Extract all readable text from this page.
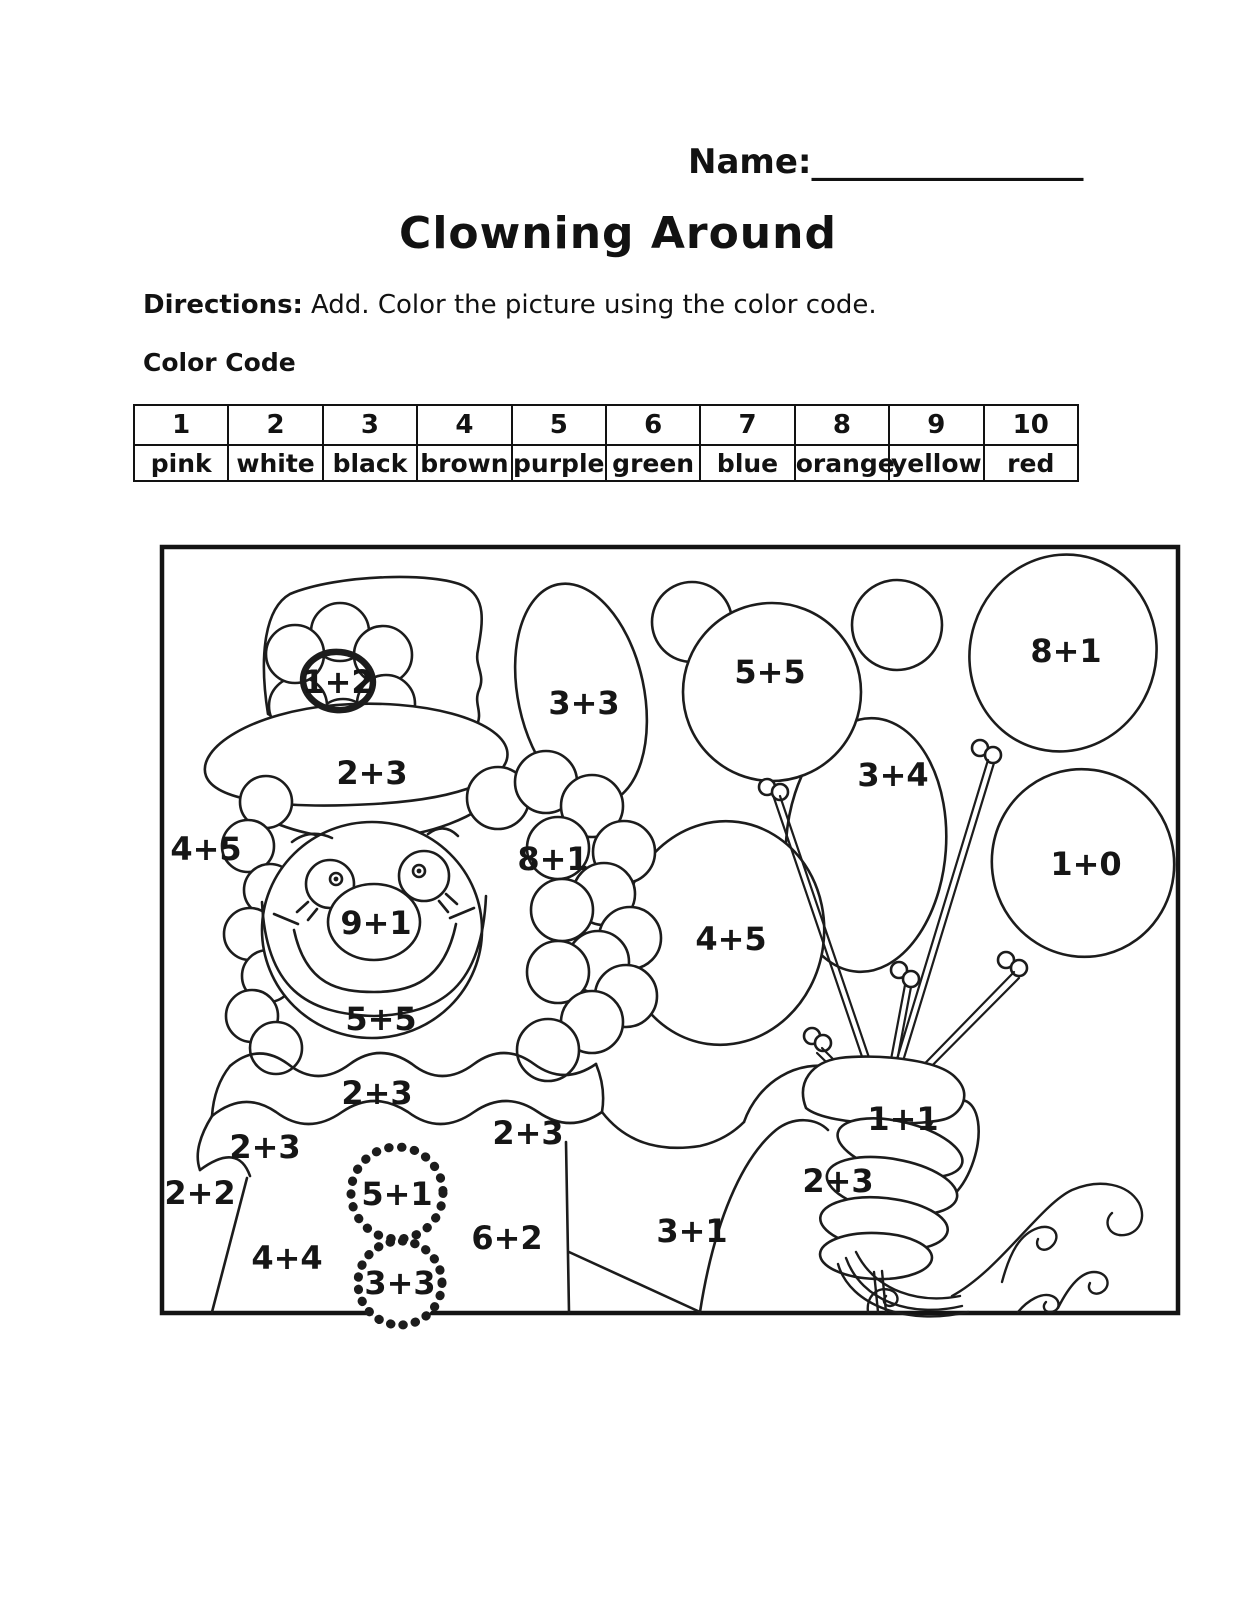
Name:________________
Clowning Around
Directions: Add. Color the picture using the color code.
Color Code
1	2	3	4	5	6	7	8	9	10
pink	white	black	brown	purple	green	blue	orange	yellow	red
1+2
2+3
3+3
5+5
8+1
3+4
4+5	8+1	1+0
9+1	4+5
5+5
2+3
2+3	2+3
2+2	5+1
1+1
2+3
6+2	3+1
4+4
3+3
